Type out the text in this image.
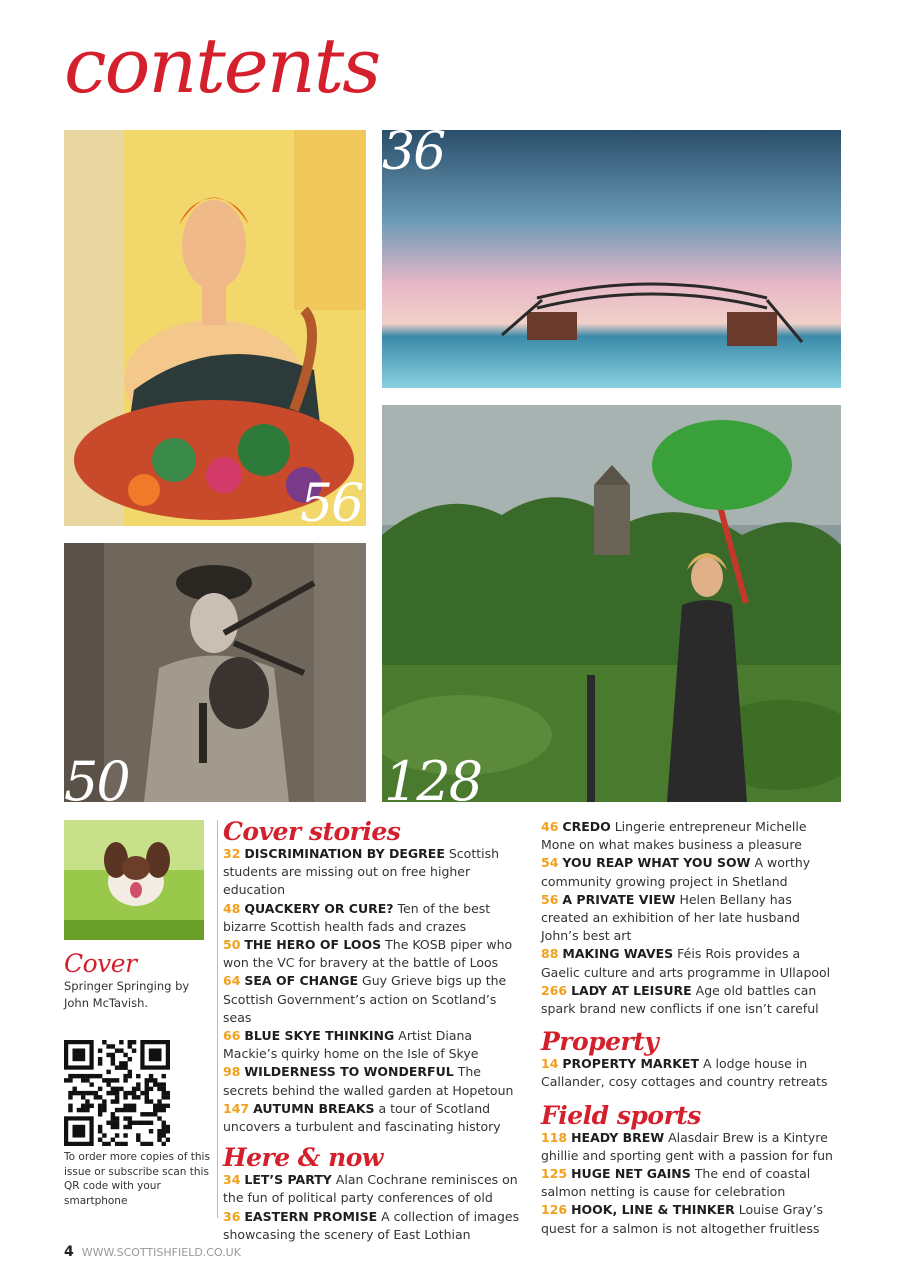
contents
56
36
50	128
Cover
Springer Springing by John McTavish.
To order more copies of this issue or subscribe scan this QR code with your smartphone
Cover stories

32 DISCRIMINATION BY DEGREE Scottish students are missing out on free higher education

48 QUACKERY OR CURE? Ten of the best bizarre Scottish health fads and crazes

50 THE HERO OF LOOS The KOSB piper who won the VC for bravery at the battle of Loos

64 SEA OF CHANGE Guy Grieve bigs up the Scottish Government’s action on Scotland’s seas

66 BLUE SKYE THINKING Artist Diana Mackie’s quirky home on the Isle of Skye

98 WILDERNESS TO WONDERFUL The secrets behind the walled garden at Hopetoun

147 AUTUMN BREAKS a tour of Scotland uncovers a turbulent and fascinating history

Here & now

34 LET’S PARTY Alan Cochrane reminisces on the fun of political party conferences of old

36 EASTERN PROMISE A collection of images showcasing the scenery of East Lothian

46 CREDO Lingerie entrepreneur Michelle Mone on what makes business a pleasure

54 YOU REAP WHAT YOU SOW A worthy community growing project in Shetland

56 A PRIVATE VIEW Helen Bellany has created an exhibition of her late husband John’s best art

88 MAKING WAVES Féis Rois provides a Gaelic culture and arts programme in Ullapool

266 LADY AT LEISURE Age old battles can spark brand new conflicts if one isn’t careful

Property

14 PROPERTY MARKET A lodge house in Callander, cosy cottages and country retreats

Field sports

118 HEADY BREW Alasdair Brew is a Kintyre ghillie and sporting gent with a passion for fun

125 HUGE NET GAINS The end of coastal salmon netting is cause for celebration

126 HOOK, LINE & THINKER Louise Gray’s quest for a salmon is not altogether fruitless

4 WWW.SCOTTISHFIELD.CO.UK
